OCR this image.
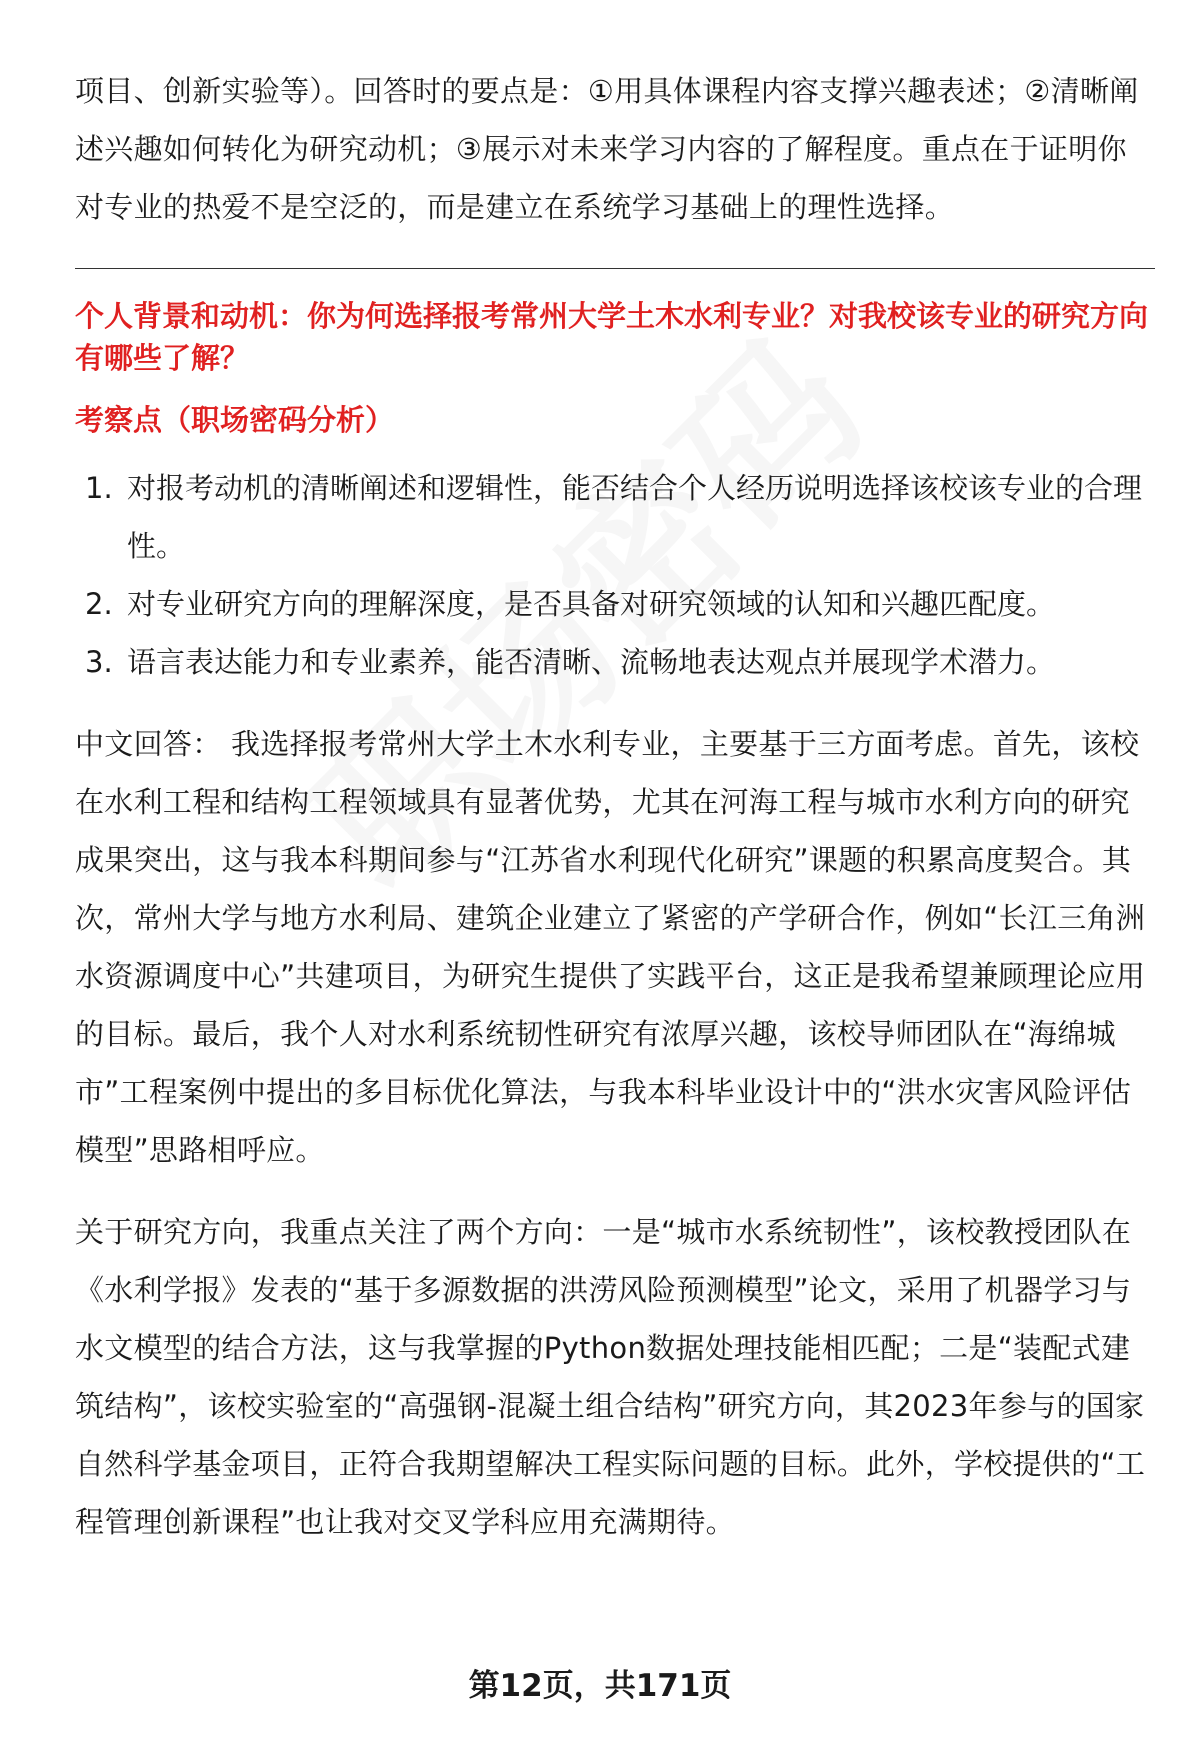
项目、创新实验等）。回答时的要点是：①用具体课程内容支撑兴趣表述；②清晰阐述兴趣如何转化为研究动机；③展示对未来学习内容的了解程度。重点在于证明你对专业的热爱不是空泛的，而是建立在系统学习基础上的理性选择。

个人背景和动机：你为何选择报考常州大学土木水利专业？对我校该专业的研究方向有哪些了解？

考察点（职场密码分析）

1. 对报考动机的清晰阐述和逻辑性，能否结合个人经历说明选择该校该专业的合理性。
2. 对专业研究方向的理解深度，是否具备对研究领域的认知和兴趣匹配度。
3. 语言表达能力和专业素养，能否清晰、流畅地表达观点并展现学术潜力。

中文回答： 我选择报考常州大学土木水利专业，主要基于三方面考虑。首先，该校在水利工程和结构工程领域具有显著优势，尤其在河海工程与城市水利方向的研究成果突出，这与我本科期间参与“江苏省水利现代化研究”课题的积累高度契合。其次，常州大学与地方水利局、建筑企业建立了紧密的产学研合作，例如“长江三角洲水资源调度中心”共建项目，为研究生提供了实践平台，这正是我希望兼顾理论应用的目标。最后，我个人对水利系统韧性研究有浓厚兴趣，该校导师团队在“海绵城市”工程案例中提出的多目标优化算法，与我本科毕业设计中的“洪水灾害风险评估模型”思路相呼应。

关于研究方向，我重点关注了两个方向：一是“城市水系统韧性”，该校教授团队在《水利学报》发表的“基于多源数据的洪涝风险预测模型”论文，采用了机器学习与水文模型的结合方法，这与我掌握的Python数据处理技能相匹配；二是“装配式建筑结构”，该校实验室的“高强钢-混凝土组合结构”研究方向，其2023年参与的国家自然科学基金项目，正符合我期望解决工程实际问题的目标。此外，学校提供的“工程管理创新课程”也让我对交叉学科应用充满期待。

第12页，共171页
